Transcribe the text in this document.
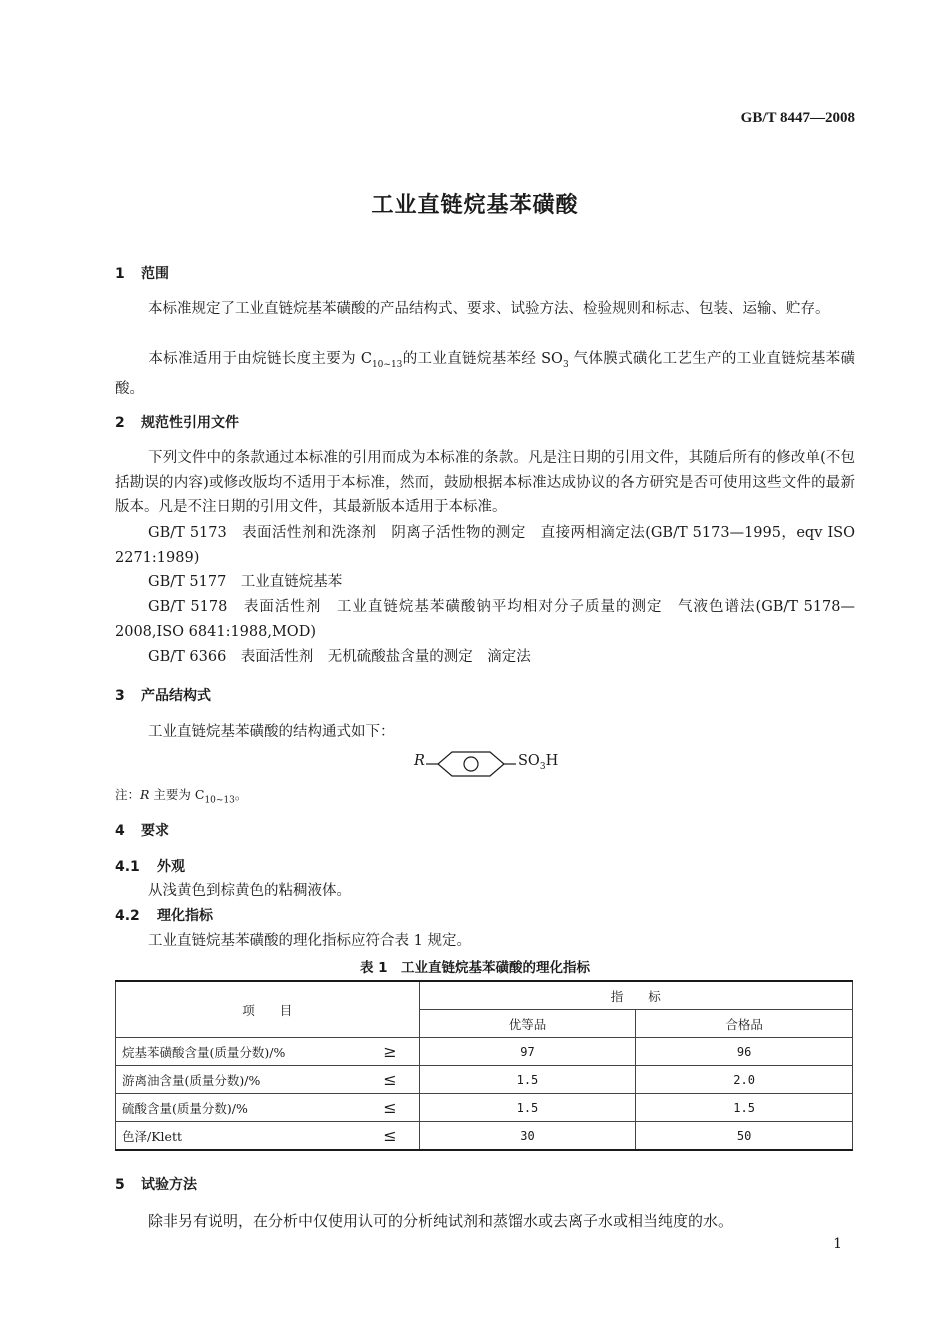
GB/T 8447—2008
工业直链烷基苯磺酸
1 范围
本标准规定了工业直链烷基苯磺酸的产品结构式、要求、试验方法、检验规则和标志、包装、运输、贮存。
本标准适用于由烷链长度主要为 $C_{10\sim 13}$的工业直链烷基苯经 $SO_3$ 气体膜式磺化工艺生产的工业直链烷基苯磺酸。
2 规范性引用文件
下列文件中的条款通过本标准的引用而成为本标准的条款。凡是注日期的引用文件，其随后所有的修改单(不包括勘误的内容)或修改版均不适用于本标准，然而，鼓励根据本标准达成协议的各方研究是否可使用这些文件的最新版本。凡是不注日期的引用文件，其最新版本适用于本标准。
GB/T 5173　表面活性剂和洗涤剂　阴离子活性物的测定　直接两相滴定法(GB/T 5173—1995，eqv ISO 2271:1989)
GB/T 5177　工业直链烷基苯
GB/T 5178　表面活性剂　工业直链烷基苯磺酸钠平均相对分子质量的测定　气液色谱法(GB/T 5178—2008,ISO 6841:1988,MOD)
GB/T 6366　表面活性剂　无机硫酸盐含量的测定　滴定法
3 产品结构式
工业直链烷基苯磺酸的结构通式如下：
R	$SO_3H$
注：R 主要为 $C_{10\sim 13}$。
4 要求
4.1 外观
从浅黄色到棕黄色的粘稠液体。
4.2 理化指标
工业直链烷基苯磺酸的理化指标应符合表 1 规定。
表 1　工业直链烷基苯磺酸的理化指标
项　　目		指　　标	
		优等品	合格品
烷基苯磺酸含量(质量分数)/%	≥	97	96
游离油含量(质量分数)/%	≤	1.5	2.0
硫酸含量(质量分数)/%	≤	1.5	1.5
色泽/Klett	≤	30	50
5 试验方法
除非另有说明，在分析中仅使用认可的分析纯试剂和蒸馏水或去离子水或相当纯度的水。
1
